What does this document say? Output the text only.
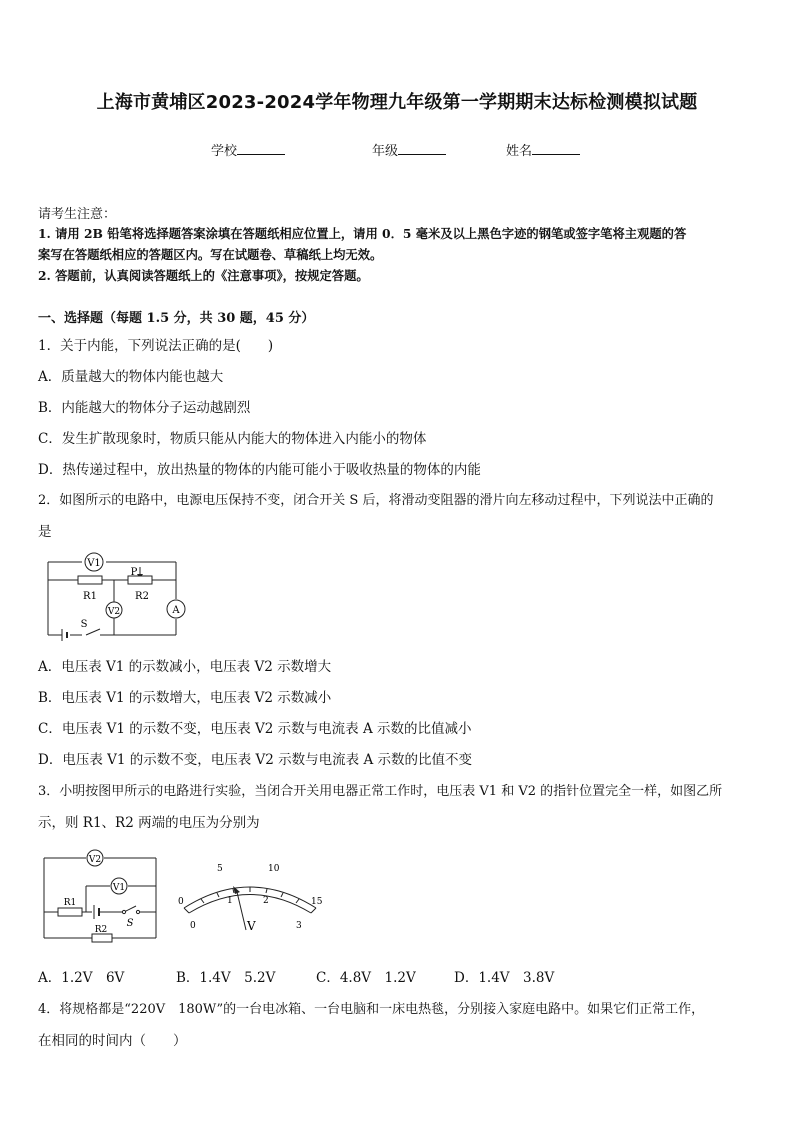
上海市黄埔区2023-2024学年物理九年级第一学期期末达标检测模拟试题
学校	年级	姓名
请考生注意：
1. 请用 2B 铅笔将选择题答案涂填在答题纸相应位置上，请用 0．5 毫米及以上黑色字迹的钢笔或签字笔将主观题的答
案写在答题纸相应的答题区内。写在试题卷、草稿纸上均无效。
2. 答题前，认真阅读答题纸上的《注意事项》，按规定答题。
一、选择题（每题 1.5 分，共 30 题，45 分）
1．关于内能，下列说法正确的是(　　)
A．质量越大的物体内能也越大
B．内能越大的物体分子运动越剧烈
C．发生扩散现象时，物质只能从内能大的物体进入内能小的物体
D．热传递过程中，放出热量的物体的内能可能小于吸收热量的物体的内能
2．如图所示的电路中，电源电压保持不变，闭合开关 S 后，将滑动变阻器的滑片向左移动过程中，下列说法中正确的
是
V1
V2	A
R1	R2
P
S
A．电压表 V1 的示数减小，电压表 V2 示数增大
B．电压表 V1 的示数增大，电压表 V2 示数减小
C．电压表 V1 的示数不变，电压表 V2 示数与电流表 A 示数的比值减小
D．电压表 V1 的示数不变，电压表 V2 示数与电流表 A 示数的比值不变
3．小明按图甲所示的电路进行实验，当闭合开关用电器正常工作时，电压表 V1 和 V2 的指针位置完全一样，如图乙所
示，则 R1、R2 两端的电压为分别为
V2
V1
R1
R2
S
0
5	10
15
0
1	2
3
V
A．1.2V　6V	B．1.4V　5.2V	C．4.8V　1.2V	D．1.4V　3.8V
4．将规格都是“220V　180W”的一台电冰箱、一台电脑和一床电热毯，分别接入家庭电路中。如果它们正常工作，
在相同的时间内（　　）
